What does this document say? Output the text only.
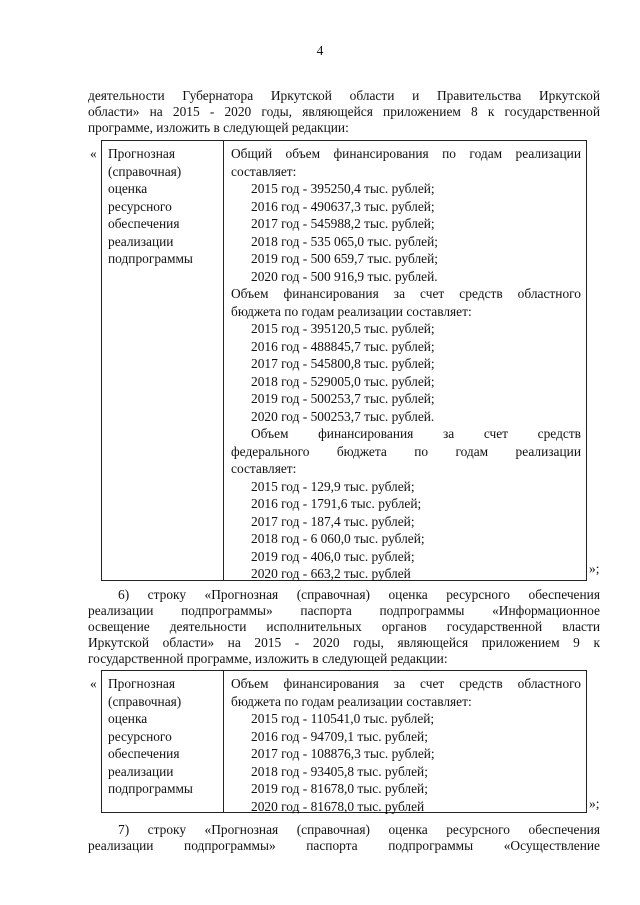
4
деятельности Губернатора Иркутской области и Правительства Иркутской
области» на 2015 - 2020 годы, являющейся приложением 8 к государственной
программе, изложить в следующей редакции:
« Прогнозная
(справочная)
оценка
ресурсного
обеспечения
реализации
подпрограммы
Общий объем финансирования по годам реализации
составляет:
2015 год - 395250,4 тыс. рублей;
2016 год - 490637,3 тыс. рублей;
2017 год - 545988,2 тыс. рублей;
2018 год - 535 065,0 тыс. рублей;
2019 год - 500 659,7 тыс. рублей;
2020 год - 500 916,9 тыс. рублей.
Объем финансирования за счет средств областного
бюджета по годам реализации составляет:
2015 год - 395120,5 тыс. рублей;
2016 год - 488845,7 тыс. рублей;
2017 год - 545800,8 тыс. рублей;
2018 год - 529005,0 тыс. рублей;
2019 год - 500253,7 тыс. рублей;
2020 год - 500253,7 тыс. рублей.
Объем финансирования за счет средств
федерального бюджета по годам реализации
составляет:
2015 год - 129,9 тыс. рублей;
2016 год - 1791,6 тыс. рублей;
2017 год - 187,4 тыс. рублей;
2018 год - 6 060,0 тыс. рублей;
2019 год - 406,0 тыс. рублей;
2020 год - 663,2 тыс. рублей	»;
6) строку «Прогнозная (справочная) оценка ресурсного обеспечения
реализации подпрограммы» паспорта подпрограммы «Информационное
освещение деятельности исполнительных органов государственной власти
Иркутской области» на 2015 - 2020 годы, являющейся приложением 9 к
государственной программе, изложить в следующей редакции:
« Прогнозная
(справочная)
оценка
ресурсного
обеспечения
реализации
подпрограммы
Объем финансирования за счет средств областного
бюджета по годам реализации составляет:
2015 год - 110541,0 тыс. рублей;
2016 год - 94709,1 тыс. рублей;
2017 год - 108876,3 тыс. рублей;
2018 год - 93405,8 тыс. рублей;
2019 год - 81678,0 тыс. рублей;
2020 год - 81678,0 тыс. рублей	»;
7) строку «Прогнозная (справочная) оценка ресурсного обеспечения
реализации подпрограммы» паспорта подпрограммы «Осуществление
